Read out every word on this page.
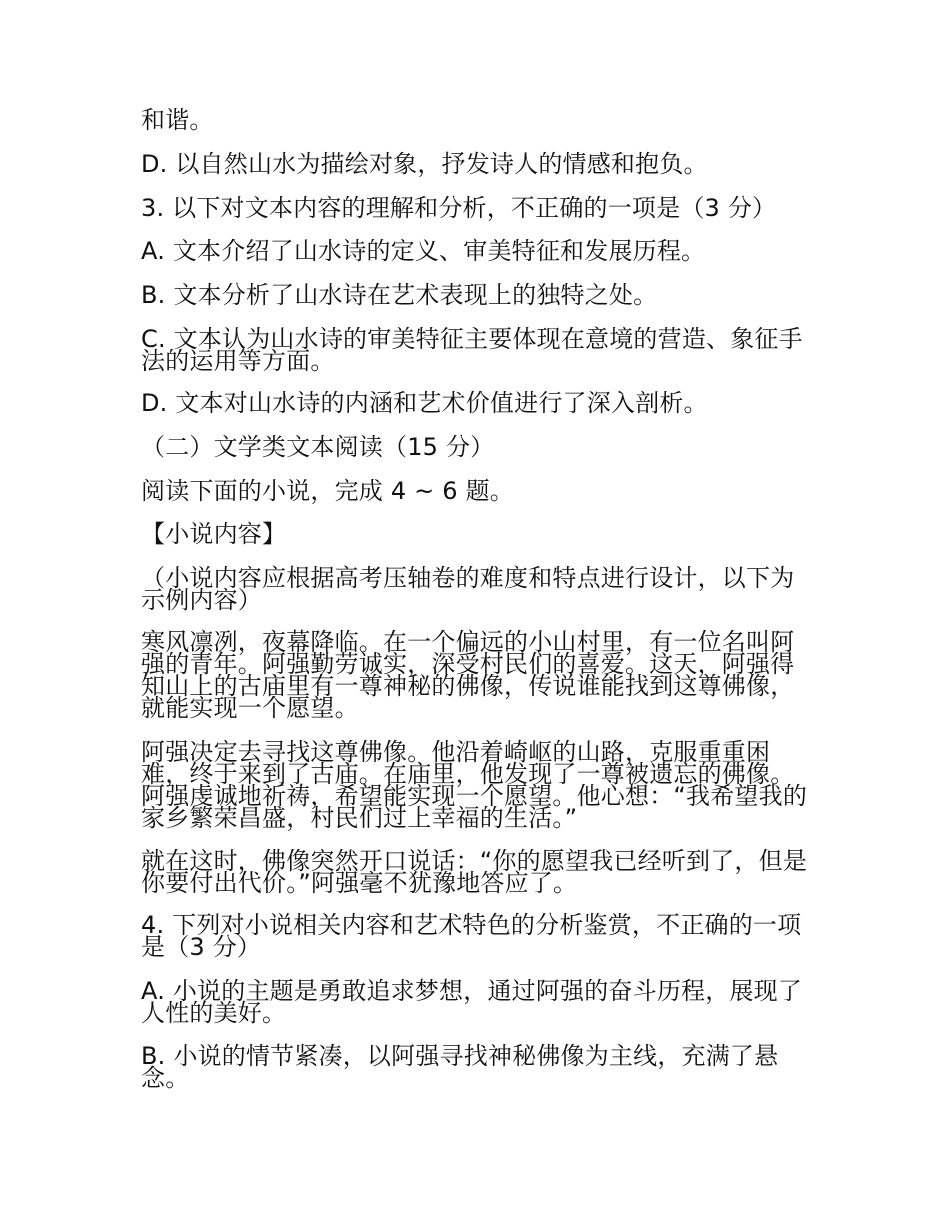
和谐。

D. 以自然山水为描绘对象，抒发诗人的情感和抱负。

3. 以下对文本内容的理解和分析，不正确的一项是（3 分）

A. 文本介绍了山水诗的定义、审美特征和发展历程。

B. 文本分析了山水诗在艺术表现上的独特之处。

C. 文本认为山水诗的审美特征主要体现在意境的营造、象征手法的运用等方面。

D. 文本对山水诗的内涵和艺术价值进行了深入剖析。

（二）文学类文本阅读（15 分）

阅读下面的小说，完成 4 ~ 6 题。

【小说内容】

（小说内容应根据高考压轴卷的难度和特点进行设计，以下为示例内容）

寒风凛冽，夜幕降临。在一个偏远的小山村里，有一位名叫阿强的青年。阿强勤劳诚实，深受村民们的喜爱。这天，阿强得知山上的古庙里有一尊神秘的佛像，传说谁能找到这尊佛像，就能实现一个愿望。

阿强决定去寻找这尊佛像。他沿着崎岖的山路，克服重重困难，终于来到了古庙。在庙里，他发现了一尊被遗忘的佛像。阿强虔诚地祈祷，希望能实现一个愿望。他心想：“我希望我的家乡繁荣昌盛，村民们过上幸福的生活。”

就在这时，佛像突然开口说话：“你的愿望我已经听到了，但是你要付出代价。”阿强毫不犹豫地答应了。

4. 下列对小说相关内容和艺术特色的分析鉴赏，不正确的一项是（3 分）

A. 小说的主题是勇敢追求梦想，通过阿强的奋斗历程，展现了人性的美好。

B. 小说的情节紧凑，以阿强寻找神秘佛像为主线，充满了悬念。
